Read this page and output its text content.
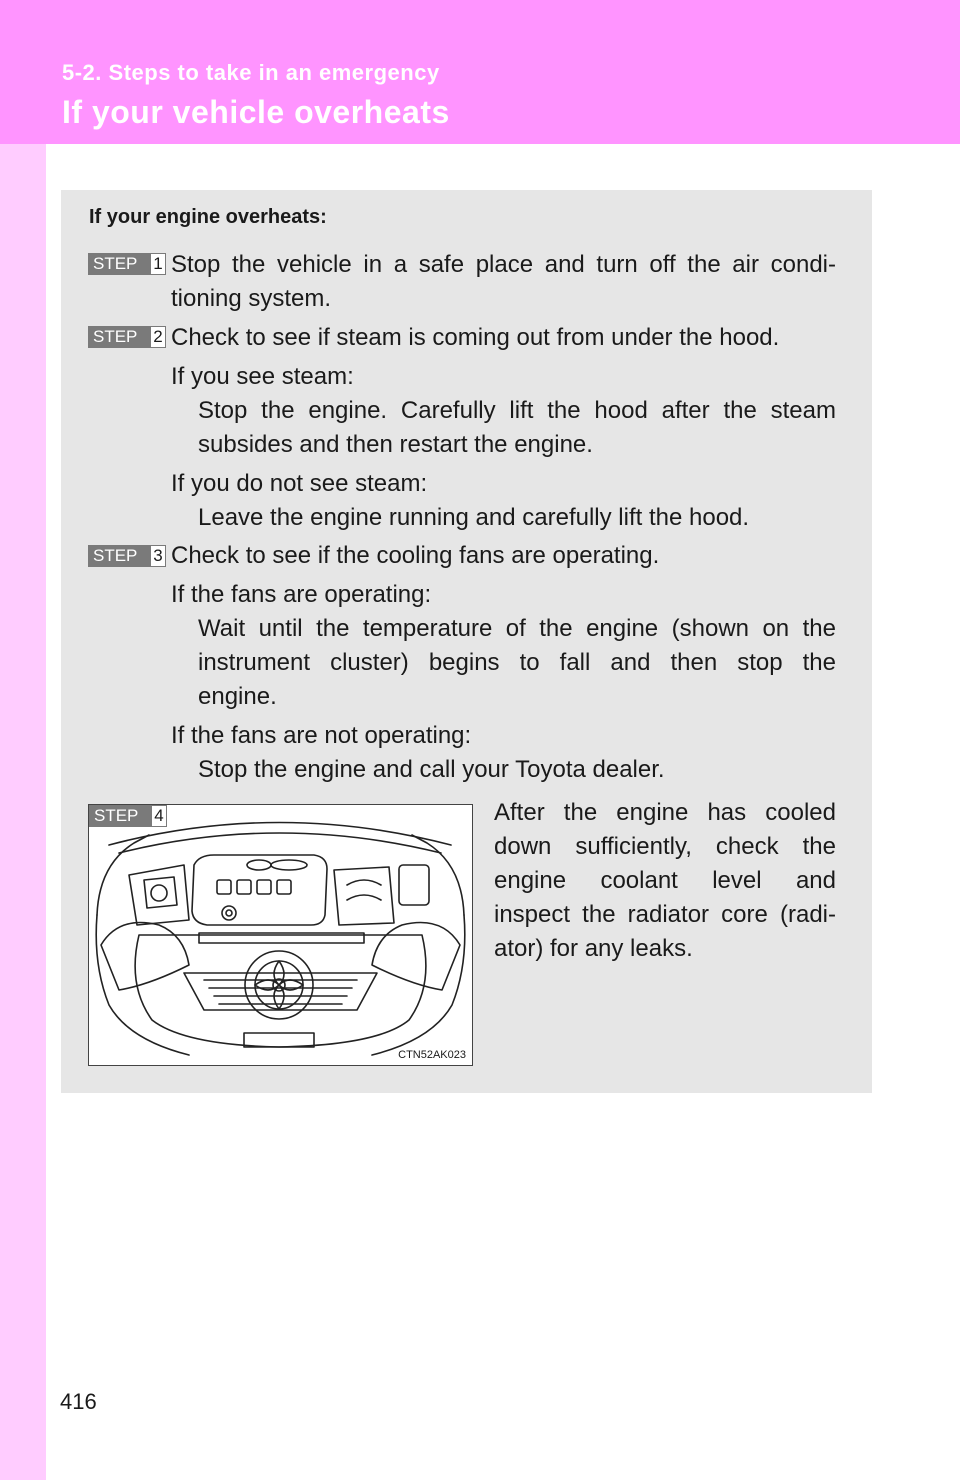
5-2. Steps to take in an emergency
If your vehicle overheats
If your engine overheats:
STEP 1 Stop the vehicle in a safe place and turn off the air condi-
tioning system.
STEP 2 Check to see if steam is coming out from under the hood.
If you see steam:
Stop the engine. Carefully lift the hood after the steam
subsides and then restart the engine.
If you do not see steam:
Leave the engine running and carefully lift the hood.
STEP 3 Check to see if the cooling fans are operating.
If the fans are operating:
Wait until the temperature of the engine (shown on the
instrument cluster) begins to fall and then stop the
engine.
If the fans are not operating:
Stop the engine and call your Toyota dealer.
STEP 4
CTN52AK023
After the engine has cooled
down sufficiently, check the
engine coolant level and
inspect the radiator core (radi-
ator) for any leaks.
416
